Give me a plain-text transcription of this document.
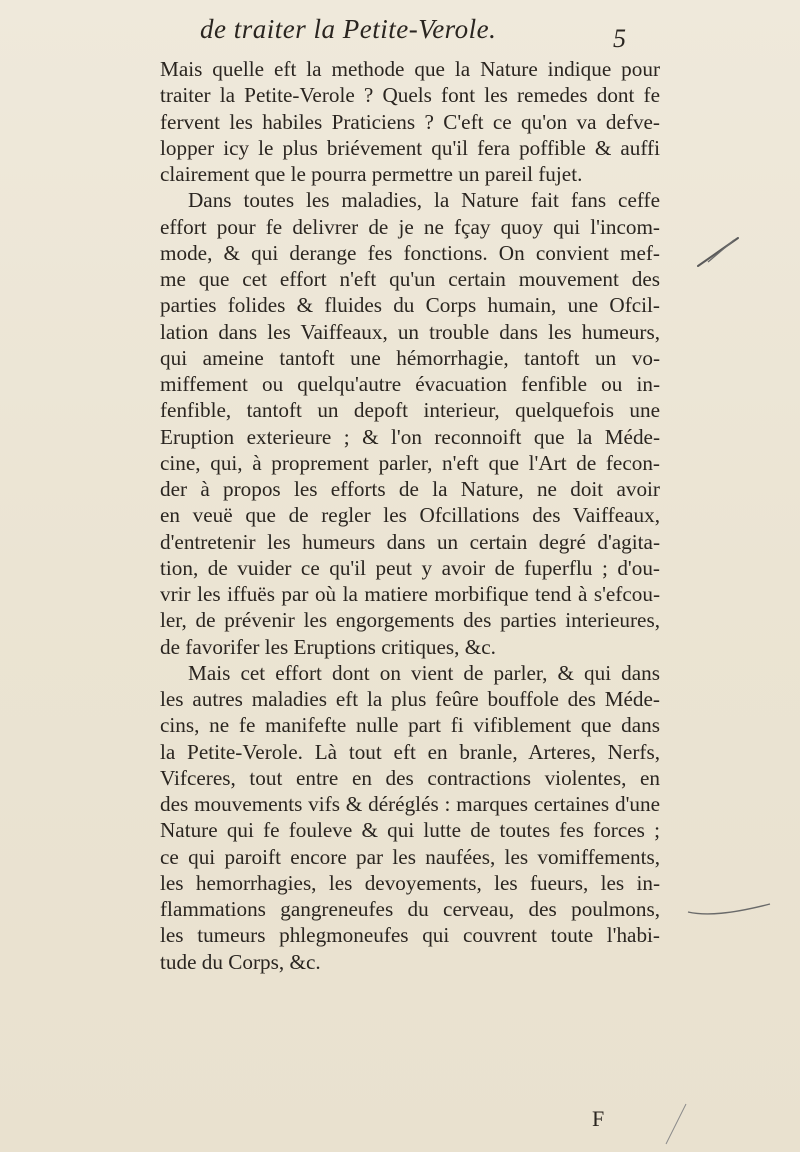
de traiter la Petite-Verole.	5
Mais quelle eft la methode que la Nature indique pour
traiter la Petite-Verole ? Quels font les remedes dont fe
fervent les habiles Praticiens ? C'eft ce qu'on va defve-
lopper icy le plus briévement qu'il fera poffible & auffi
clairement que le pourra permettre un pareil fujet.
Dans toutes les maladies, la Nature fait fans ceffe
effort pour fe delivrer de je ne fçay quoy qui l'incom-
mode, & qui derange fes fonctions. On convient mef-
me que cet effort n'eft qu'un certain mouvement des
parties folides & fluides du Corps humain, une Ofcil-
lation dans les Vaiffeaux, un trouble dans les humeurs,
qui ameine tantoft une hémorrhagie, tantoft un vo-
miffement ou quelqu'autre évacuation fenfible ou in-
fenfible, tantoft un depoft interieur, quelquefois une
Eruption exterieure ; & l'on reconnoift que la Méde-
cine, qui, à proprement parler, n'eft que l'Art de fecon-
der à propos les efforts de la Nature, ne doit avoir
en veuë que de regler les Ofcillations des Vaiffeaux,
d'entretenir les humeurs dans un certain degré d'agita-
tion, de vuider ce qu'il peut y avoir de fuperflu ; d'ou-
vrir les iffuës par où la matiere morbifique tend à s'efcou-
ler, de prévenir les engorgements des parties interieures,
de favorifer les Eruptions critiques, &c.
Mais cet effort dont on vient de parler, & qui dans
les autres maladies eft la plus feûre bouffole des Méde-
cins, ne fe manifefte nulle part fi vifiblement que dans
la Petite-Verole. Là tout eft en branle, Arteres, Nerfs,
Vifceres, tout entre en des contractions violentes, en
des mouvements vifs & déréglés : marques certaines d'une
Nature qui fe fouleve & qui lutte de toutes fes forces ;
ce qui paroift encore par les naufées, les vomiffements,
les hemorrhagies, les devoyements, les fueurs, les in-
flammations gangreneufes du cerveau, des poulmons,
les tumeurs phlegmoneufes qui couvrent toute l'habi-
tude du Corps, &c.
F
